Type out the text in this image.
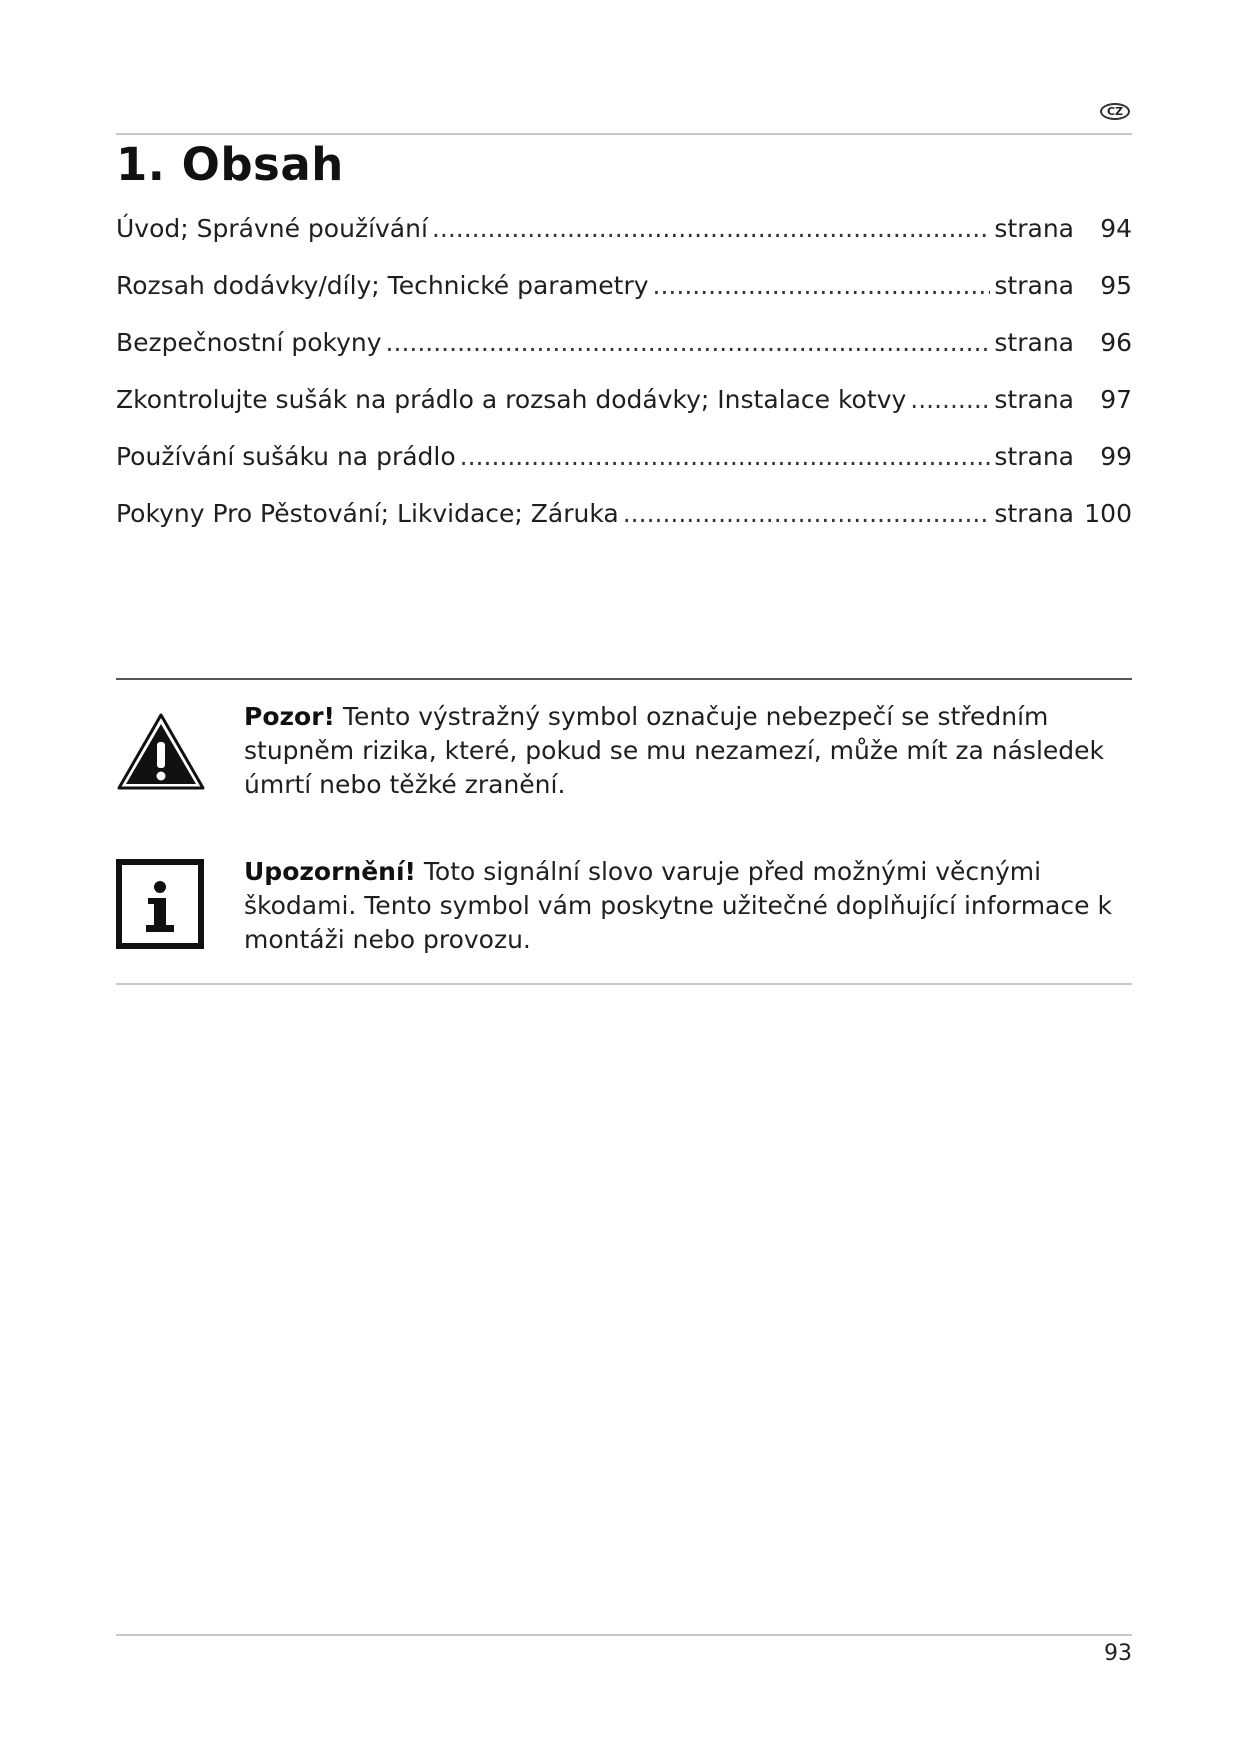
CZ
1. Obsah
Úvod; Správné používání .....	strana	94
Rozsah dodávky/díly; Technické parametry .....	strana	95
Bezpečnostní pokyny .....	strana	96
Zkontrolujte sušák na prádlo a rozsah dodávky; Instalace kotvy .....	strana	97
Používání sušáku na prádlo .....	strana	99
Pokyny Pro Pěstování; Likvidace; Záruka .....	strana 100

Pozor! Tento výstražný symbol označuje nebezpečí se středním stupněm rizika, které, pokud se mu nezamezí, může mít za následek úmrtí nebo těžké zranění.

Upozornění! Toto signální slovo varuje před možnými věcnými škodami. Tento symbol vám poskytne užitečné doplňující informace k montáži nebo provozu.

93
